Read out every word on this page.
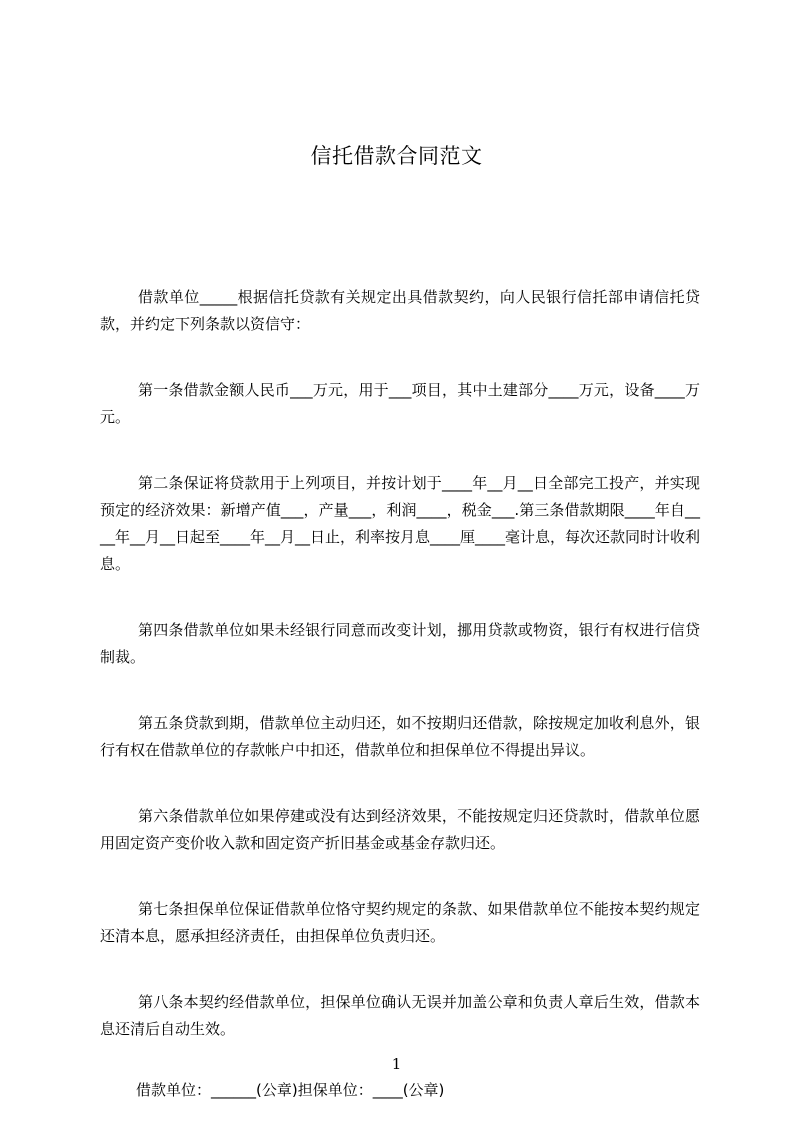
信托借款合同范文

借款单位_____根据信托贷款有关规定出具借款契约，向人民银行信托部申请信托贷款，并约定下列条款以资信守：

第一条借款金额人民币___万元，用于___项目，其中土建部分____万元，设备____万元。

第二条保证将贷款用于上列项目，并按计划于____年__月__日全部完工投产，并实现预定的经济效果：新增产值___，产量___，利润____，税金___.第三条借款期限____年自____年__月__日起至____年__月__日止，利率按月息____厘____毫计息，每次还款同时计收利息。

第四条借款单位如果未经银行同意而改变计划，挪用贷款或物资，银行有权进行信贷制裁。

第五条贷款到期，借款单位主动归还，如不按期归还借款，除按规定加收利息外，银行有权在借款单位的存款帐户中扣还，借款单位和担保单位不得提出异议。

第六条借款单位如果停建或没有达到经济效果，不能按规定归还贷款时，借款单位愿用固定资产变价收入款和固定资产折旧基金或基金存款归还。

第七条担保单位保证借款单位恪守契约规定的条款、如果借款单位不能按本契约规定还清本息，愿承担经济责任，由担保单位负责归还。

第八条本契约经借款单位，担保单位确认无误并加盖公章和负责人章后生效，借款本息还清后自动生效。

借款单位：______(公章)担保单位：____(公章)

1
